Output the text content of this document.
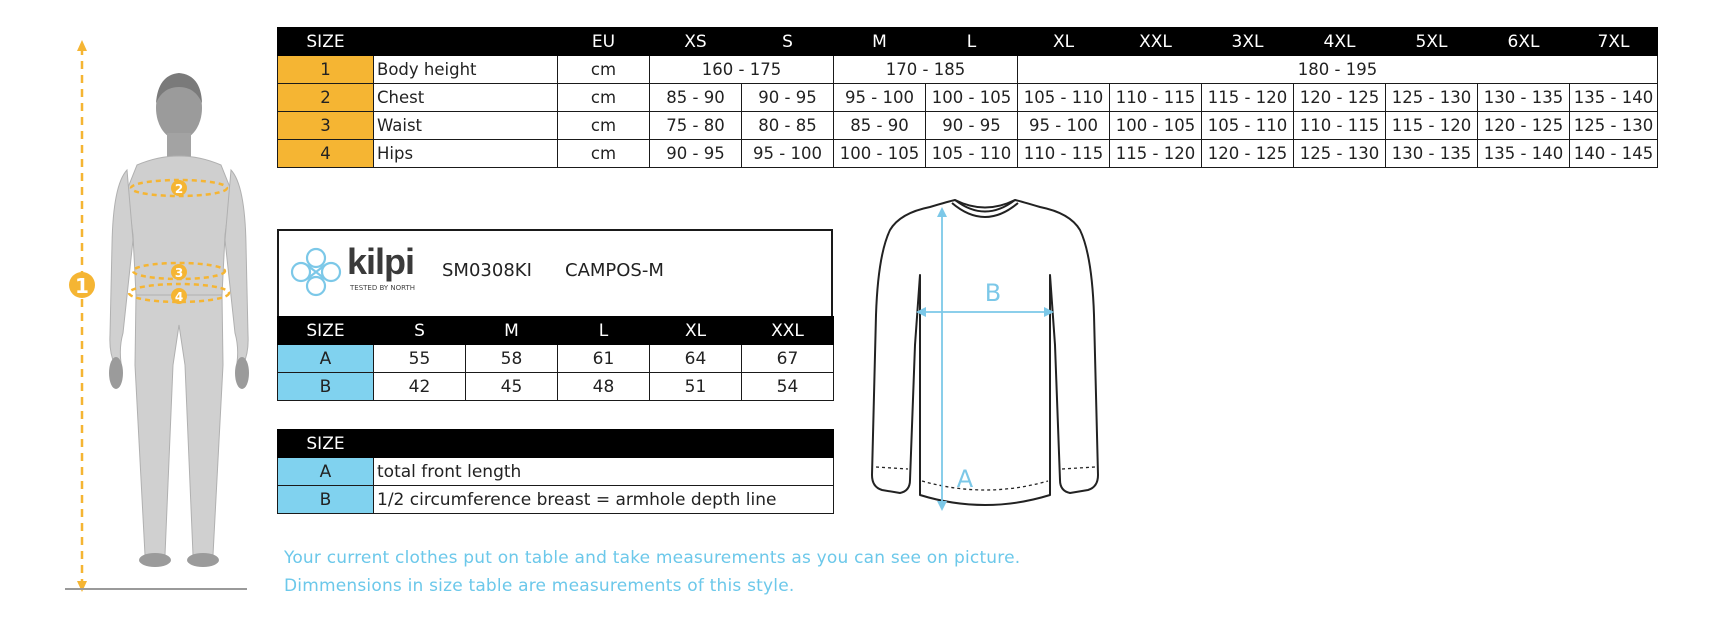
1
2
3
4
SIZE		EU	XS	S	M	L	XL	XXL	3XL	4XL	5XL	6XL	7XL
1	Body height	cm	160 - 175		170 - 185		180 - 195						
2	Chest	cm	85 - 90	90 - 95	95 - 100	100 - 105	105 - 110	110 - 115	115 - 120	120 - 125	125 - 130	130 - 135	135 - 140
3	Waist	cm	75 - 80	80 - 85	85 - 90	90 - 95	95 - 100	100 - 105	105 - 110	110 - 115	115 - 120	120 - 125	125 - 130
4	Hips	cm	90 - 95	95 - 100	100 - 105	105 - 110	110 - 115	115 - 120	120 - 125	125 - 130	130 - 135	135 - 140	140 - 145
kilpi
TESTED BY NORTH
SM0308KI CAMPOS-M
SIZE	S	M	L	XL	XXL
A	55	58	61	64	67
B	42	45	48	51	54
SIZE	
A	total front length
B	1/2 circumference breast = armhole depth line
B
A
Your current clothes put on table and take measurements as you can see on picture.
Dimmensions in size table are measurements of this style.
